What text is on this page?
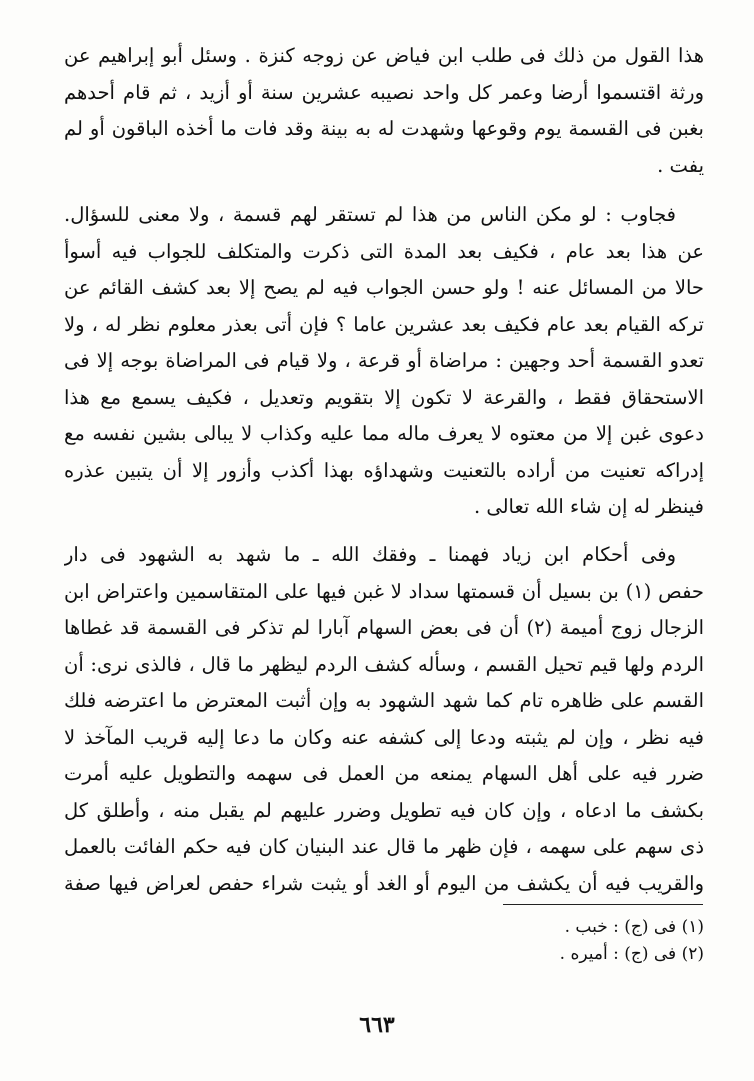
هذا القول من ذلك فى طلب ابن فياض عن زوجه كنزة . وسئل أبو إبراهيم عن
ورثة اقتسموا أرضا وعمر كل واحد نصيبه عشرين سنة أو أزيد ، ثم قام أحدهم
بغبن فى القسمة يوم وقوعها وشهدت له به بينة وقد فات ما أخذه الباقون أو لم
يفت .
فجاوب : لو مكن الناس من هذا لم تستقر لهم قسمة ، ولا معنى للسؤال.
عن هذا بعد عام ، فكيف بعد المدة التى ذكرت والمتكلف للجواب فيه أسوأ
حالا من المسائل عنه ! ولو حسن الجواب فيه لم يصح إلا بعد كشف القائم عن
تركه القيام بعد عام فكيف بعد عشرين عاما ؟ فإن أتى بعذر معلوم نظر له ، ولا
تعدو القسمة أحد وجهين : مراضاة أو قرعة ، ولا قيام فى المراضاة بوجه إلا فى
الاستحقاق فقط ، والقرعة لا تكون إلا بتقويم وتعديل ، فكيف يسمع مع هذا
دعوى غبن إلا من معتوه لا يعرف ماله مما عليه وكذاب لا يبالى بشين نفسه مع
إدراكه تعنيت من أراده بالتعنيت وشهداؤه بهذا أكذب وأزور إلا أن يتبين عذره
فينظر له إن شاء الله تعالى .
وفى أحكام ابن زياد فهمنا ـ وفقك الله ـ ما شهد به الشهود فى دار
حفص (١) بن بسيل أن قسمتها سداد لا غبن فيها على المتقاسمين واعتراض ابن
الزجال زوج أميمة (٢) أن فى بعض السهام آبارا لم تذكر فى القسمة قد غطاها
الردم ولها قيم تحيل القسم ، وسأله كشف الردم ليظهر ما قال ، فالذى نرى: أن
القسم على ظاهره تام كما شهد الشهود به وإن أثبت المعترض ما اعترضه فلك
فيه نظر ، وإن لم يثبته ودعا إلى كشفه عنه وكان ما دعا إليه قريب المآخذ لا
ضرر فيه على أهل السهام يمنعه من العمل فى سهمه والتطويل عليه أمرت
بكشف ما ادعاه ، وإن كان فيه تطويل وضرر عليهم لم يقبل منه ، وأطلق كل
ذى سهم على سهمه ، فإن ظهر ما قال عند البنيان كان فيه حكم الفائت بالعمل
والقريب فيه أن يكشف من اليوم أو الغد أو يثبت شراء حفص لعراض فيها صفة
(١) فى (ج) : خبب .
(٢) فى (ج) : أميره .
٦٦٣
